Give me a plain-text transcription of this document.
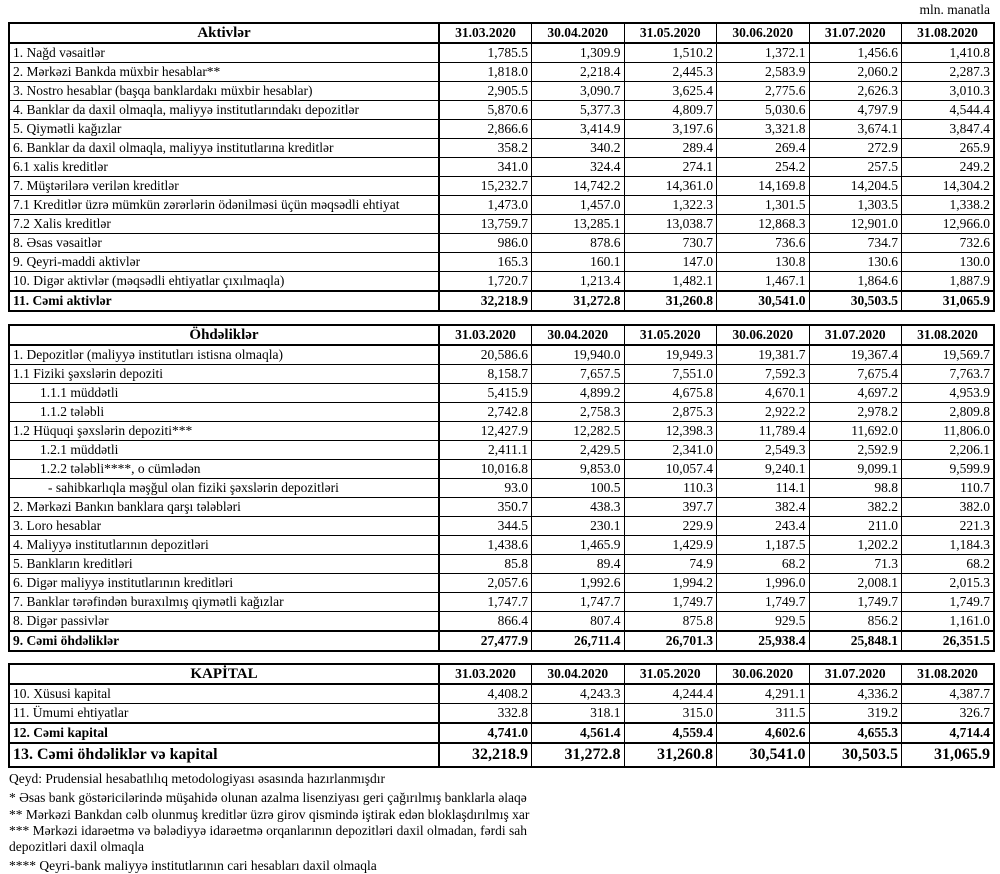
mln. manatla
Aktivlər	31.03.2020	30.04.2020	31.05.2020	30.06.2020	31.07.2020	31.08.2020
1. Nağd vəsaitlər	1,785.5	1,309.9	1,510.2	1,372.1	1,456.6	1,410.8
2. Mərkəzi Bankda müxbir hesablar**	1,818.0	2,218.4	2,445.3	2,583.9	2,060.2	2,287.3
3. Nostro hesablar (başqa banklardakı müxbir hesablar)	2,905.5	3,090.7	3,625.4	2,775.6	2,626.3	3,010.3
4. Banklar da daxil olmaqla, maliyyə institutlarındakı depozitlər	5,870.6	5,377.3	4,809.7	5,030.6	4,797.9	4,544.4
5. Qiymətli kağızlar	2,866.6	3,414.9	3,197.6	3,321.8	3,674.1	3,847.4
6. Banklar da daxil olmaqla, maliyyə institutlarına kreditlər	358.2	340.2	289.4	269.4	272.9	265.9
6.1 xalis kreditlər	341.0	324.4	274.1	254.2	257.5	249.2
7. Müştərilərə verilən kreditlər	15,232.7	14,742.2	14,361.0	14,169.8	14,204.5	14,304.2
7.1 Kreditlər üzrə mümkün zərərlərin ödənilməsi üçün məqsədli ehtiyat	1,473.0	1,457.0	1,322.3	1,301.5	1,303.5	1,338.2
7.2 Xalis kreditlər	13,759.7	13,285.1	13,038.7	12,868.3	12,901.0	12,966.0
8. Əsas vəsaitlər	986.0	878.6	730.7	736.6	734.7	732.6
9. Qeyri-maddi aktivlər	165.3	160.1	147.0	130.8	130.6	130.0
10. Digər aktivlər (məqsədli ehtiyatlar çıxılmaqla)	1,720.7	1,213.4	1,482.1	1,467.1	1,864.6	1,887.9
11. Cəmi aktivlər	32,218.9	31,272.8	31,260.8	30,541.0	30,503.5	31,065.9
Öhdəliklər	31.03.2020	30.04.2020	31.05.2020	30.06.2020	31.07.2020	31.08.2020
1. Depozitlər (maliyyə institutları istisna olmaqla)	20,586.6	19,940.0	19,949.3	19,381.7	19,367.4	19,569.7
1.1 Fiziki şəxslərin depoziti	8,158.7	7,657.5	7,551.0	7,592.3	7,675.4	7,763.7
1.1.1 müddətli	5,415.9	4,899.2	4,675.8	4,670.1	4,697.2	4,953.9
1.1.2 tələbli	2,742.8	2,758.3	2,875.3	2,922.2	2,978.2	2,809.8
1.2 Hüquqi şəxslərin depoziti***	12,427.9	12,282.5	12,398.3	11,789.4	11,692.0	11,806.0
1.2.1 müddətli	2,411.1	2,429.5	2,341.0	2,549.3	2,592.9	2,206.1
1.2.2 tələbli****, o cümlədən	10,016.8	9,853.0	10,057.4	9,240.1	9,099.1	9,599.9
- sahibkarlıqla məşğul olan fiziki şəxslərin depozitləri	93.0	100.5	110.3	114.1	98.8	110.7
2. Mərkəzi Bankın banklara qarşı tələbləri	350.7	438.3	397.7	382.4	382.2	382.0
3. Loro hesablar	344.5	230.1	229.9	243.4	211.0	221.3
4. Maliyyə institutlarının depozitləri	1,438.6	1,465.9	1,429.9	1,187.5	1,202.2	1,184.3
5. Bankların kreditləri	85.8	89.4	74.9	68.2	71.3	68.2
6. Digər maliyyə institutlarının kreditləri	2,057.6	1,992.6	1,994.2	1,996.0	2,008.1	2,015.3
7. Banklar tərəfindən buraxılmış qiymətli kağızlar	1,747.7	1,747.7	1,749.7	1,749.7	1,749.7	1,749.7
8. Digər passivlər	866.4	807.4	875.8	929.5	856.2	1,161.0
9. Cəmi öhdəliklər	27,477.9	26,711.4	26,701.3	25,938.4	25,848.1	26,351.5
KAPİTAL	31.03.2020	30.04.2020	31.05.2020	30.06.2020	31.07.2020	31.08.2020
10. Xüsusi kapital	4,408.2	4,243.3	4,244.4	4,291.1	4,336.2	4,387.7
11. Ümumi ehtiyatlar	332.8	318.1	315.0	311.5	319.2	326.7
12. Cəmi kapital	4,741.0	4,561.4	4,559.4	4,602.6	4,655.3	4,714.4
13. Cəmi öhdəliklər və kapital	32,218.9	31,272.8	31,260.8	30,541.0	30,503.5	31,065.9
Qeyd: Prudensial hesabatlılıq metodologiyası əsasında hazırlanmışdır
* Əsas bank göstəricilərində müşahidə olunan azalma lisenziyası geri çağırılmış banklarla əlaqə
** Mərkəzi Bankdan cəlb olunmuş kreditlər üzrə girov qismində iştirak edən bloklaşdırılmış xar
*** Mərkəzi idarəetmə və bələdiyyə idarəetmə orqanlarının depozitləri daxil olmadan, fərdi sah
depozitləri daxil olmaqla
**** Qeyri-bank maliyyə institutlarının cari hesabları daxil olmaqla
